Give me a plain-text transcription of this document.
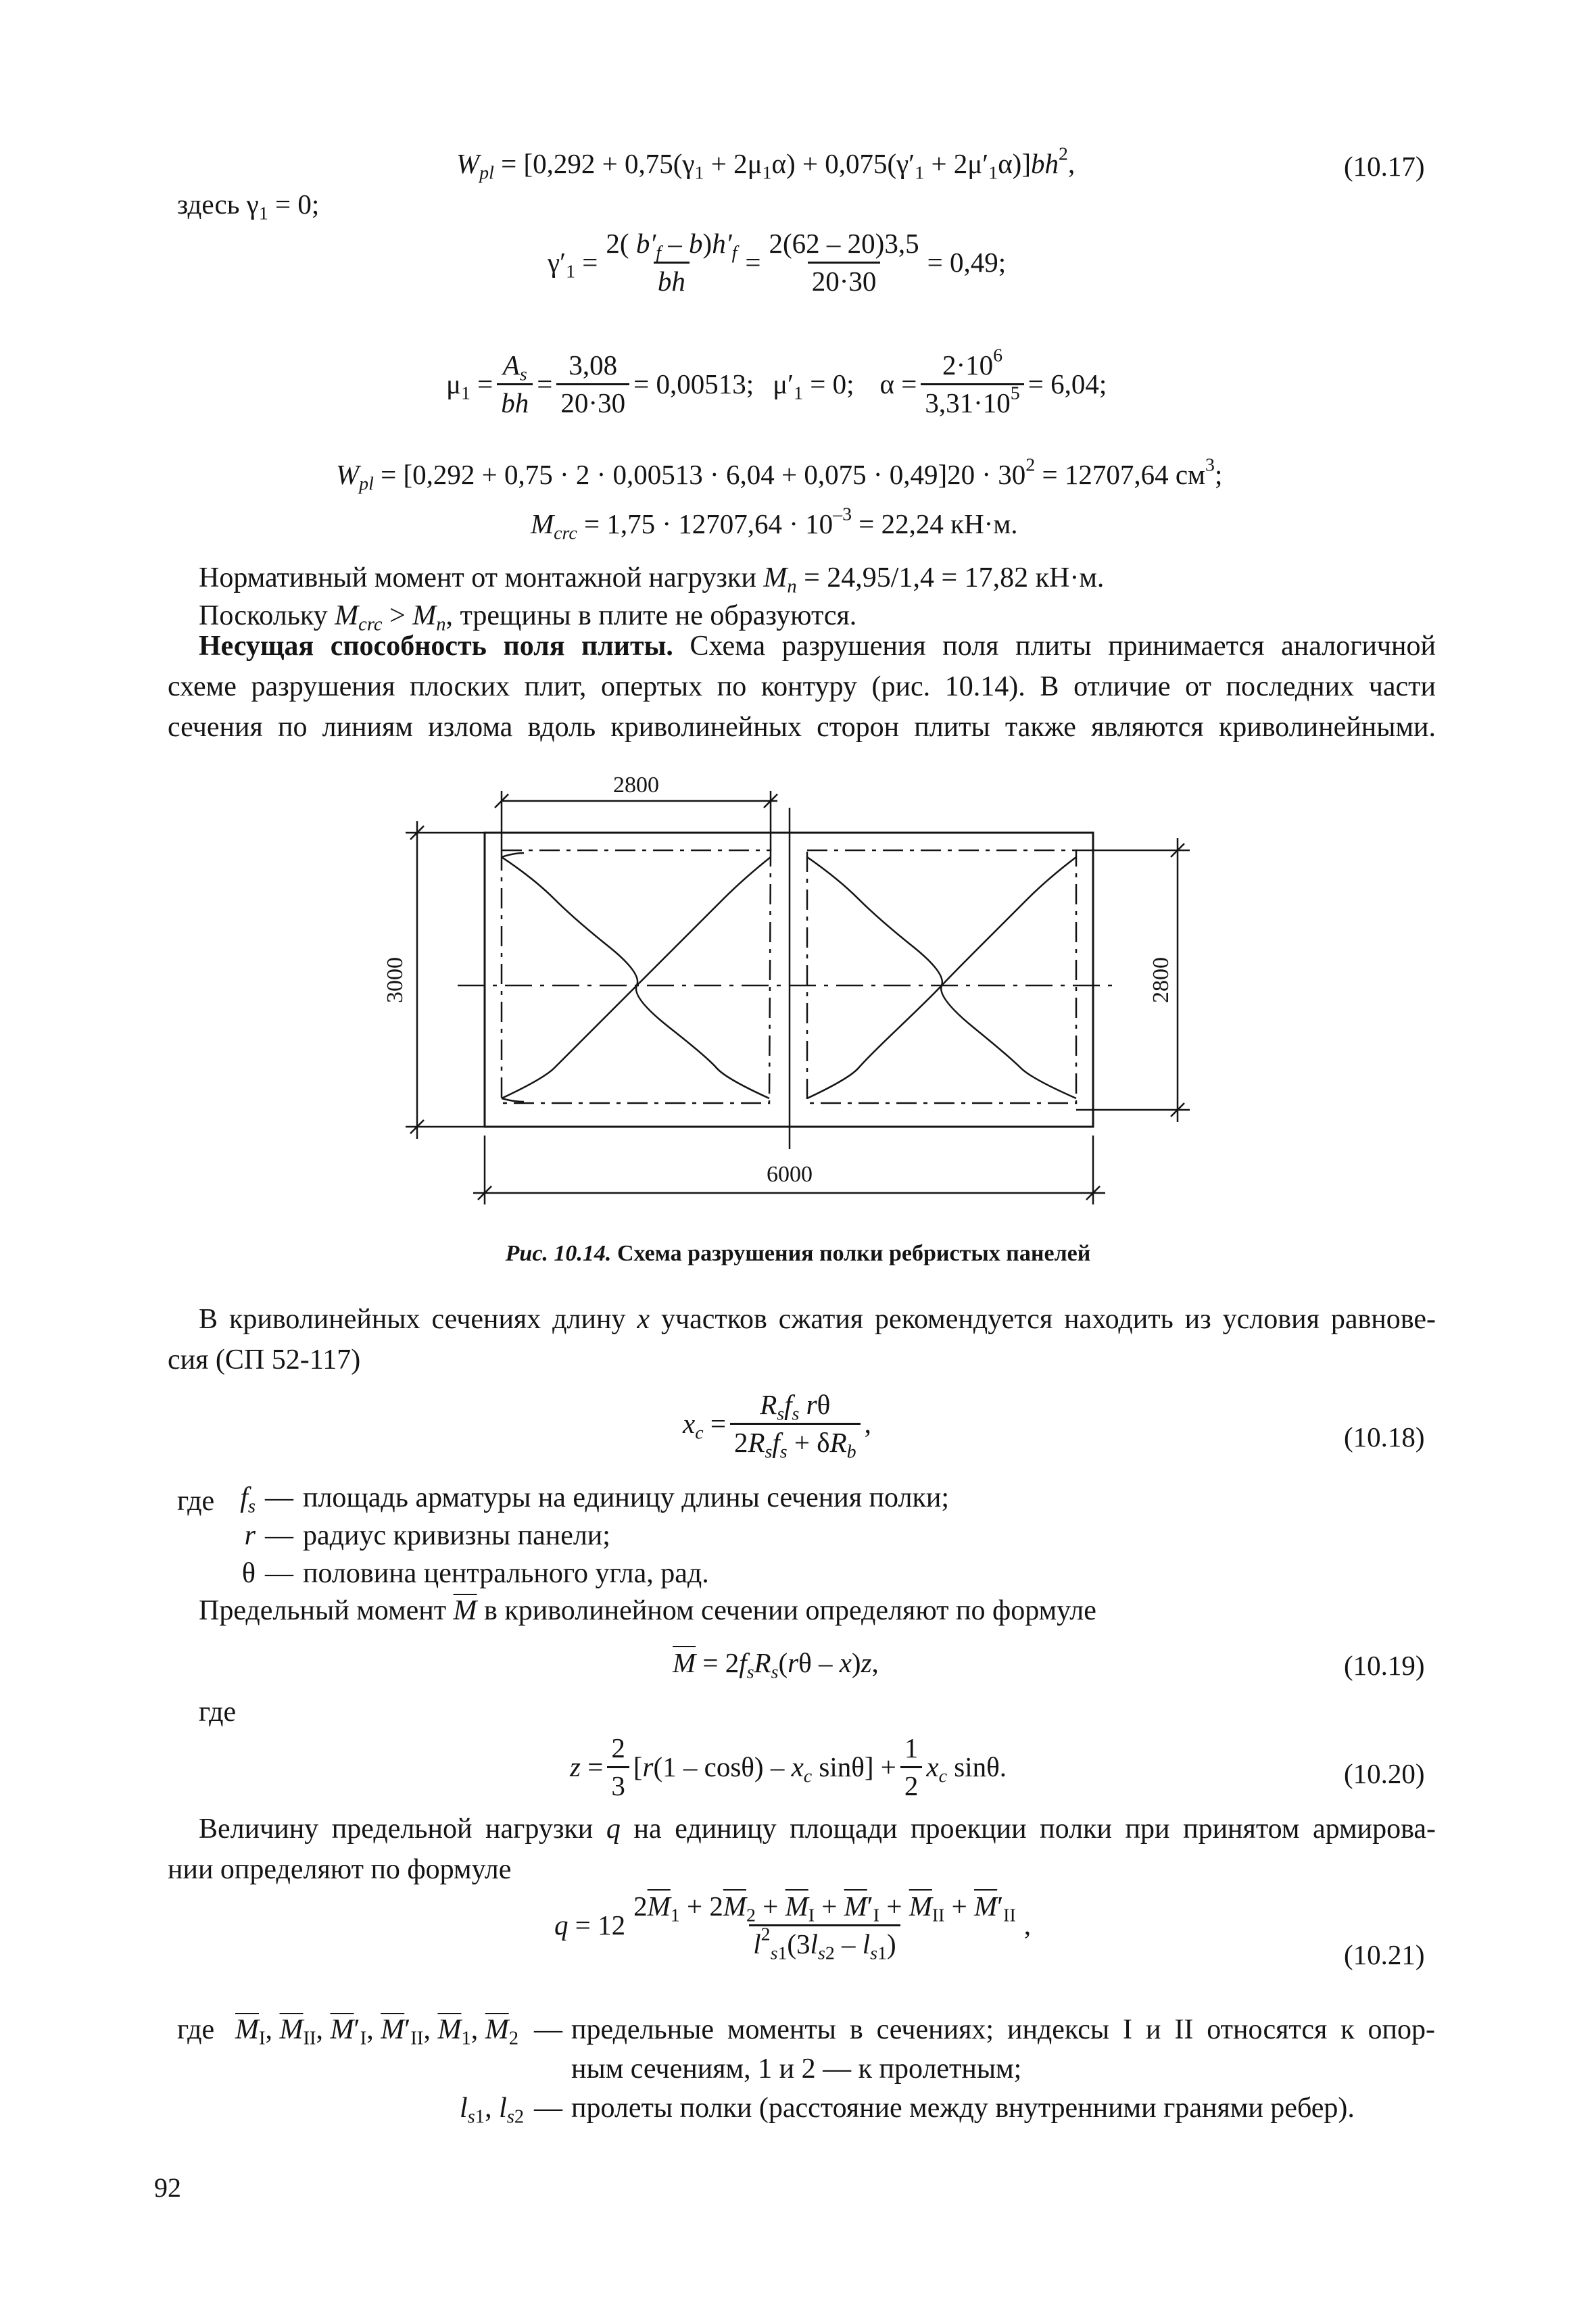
$W_{pl} = [0,292 + 0,75(\gamma_1 + 2\mu_1\alpha) + 0,075(\gamma'_1 + 2\mu'_1\alpha)]bh^2$,	(10.17)
здесь $\gamma_1 = 0$;
$\gamma'_1 = \frac{2( b'_f - b)h'_f}{bh} = \frac{2(62 - 20)3,5}{20\cdot 30} = 0,49$;
$\mu_1 = \frac{A_s}{bh} = \frac{3,08}{20\cdot 30} = 0,00513$; $\mu'_1 = 0$; $\alpha = \frac{2\cdot 10^6}{3,31\cdot 10^5} = 6,04$;
$W_{pl} = [0,292 + 0,75 \cdot 2 \cdot 0,00513 \cdot 6,04 + 0,075 \cdot 0,49]20 \cdot 30^2 = 12707,64$ $см^3$;
$M_{crc} = 1,75 \cdot 12707,64 \cdot 10^{-3} = 22,24$ кН·м.
Нормативный момент от монтажной нагрузки $M_n = 24,95/1,4 = 17,82$ кН·м.
Поскольку $M_{crc} > M_n$, трещины в плите не образуются.
Несущая способность поля плиты. Схема разрушения поля плиты принимается аналогичной
схеме разрушения плоских плит, опертых по контуру (рис. 10.14). В отличие от последних части
сечения по линиям излома вдоль криволинейных сторон плиты также являются криволинейными.
2800
3000	2800
6000
Рис. 10.14. Схема разрушения полки ребристых панелей
В криволинейных сечениях длину x участков сжатия рекомендуется находить из условия равнове-
сия (СП 52-117)
$x_c = \frac{R_sf_s r\theta}{2R_sf_s + \delta R_b}$ ,	(10.18)
где $f_s$ — площадь арматуры на единицу длины сечения полки;
r — радиус кривизны панели;
θ — половина центрального угла, рад.
Предельный момент $\overline{M}$ в криволинейном сечении определяют по формуле
$\overline{M} = 2f_sR_s(r\theta - x)z$,	(10.19)
где
$z = \frac{2}{3} [r(1 - \cos\theta) - x_c$ $\sin\theta] + \frac{1}{2} x_c$ sinθ.	(10.20)
Величину предельной нагрузки q на единицу площади проекции полки при принятом армирова-
нии определяют по формуле
$q = 12 \frac{2\overline{M}_1 + 2\overline{M}_2 + \overline{M}_I + \overline{M}'_I + \overline{M}_{II} + \overline{M}'_{II}}{l^2_{s1}(3l_{s2} - l_{s1})}$ ,
(10.21)
где $\overline{M}_I$, $\overline{M}_{II}$, $\overline{M}'_I$, $\overline{M}'_{II}$, $\overline{M}_1$, $\overline{M}_2$ — предельные моменты в сечениях; индексы I и II относятся к опор-
ным сечениям, 1 и 2 — к пролетным;
$l_{s1}$, $l_{s2}$ — пролеты полки (расстояние между внутренними гранями ребер).
92
